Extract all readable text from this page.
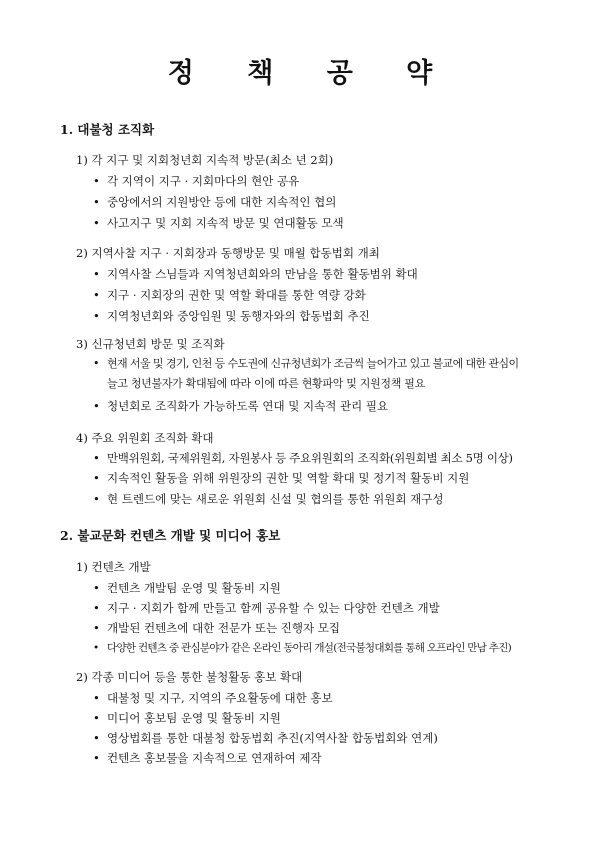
정 책 공 약
1. 대불청 조직화
1) 각 지구 및 지회청년회 지속적 방문(최소 년 2회)
• 각 지역이 지구 · 지회마다의 현안 공유
• 중앙에서의 지원방안 등에 대한 지속적인 협의
• 사고지구 및 지회 지속적 방문 및 연대활동 모색
2) 지역사찰 지구 · 지회장과 동행방문 및 매월 합동법회 개최
• 지역사찰 스님들과 지역청년회와의 만남을 통한 활동범위 확대
• 지구 · 지회장의 권한 및 역할 확대를 통한 역량 강화
• 지역청년회와 중앙임원 및 동행자와의 합동법회 추진
3) 신규청년회 방문 및 조직화
• 현재 서울 및 경기, 인천 등 수도권에 신규청년회가 조금씩 늘어가고 있고 불교에 대한 관심이
늘고 청년불자가 확대됨에 따라 이에 따른 현황파악 및 지원정책 필요
• 청년회로 조직화가 가능하도록 연대 및 지속적 관리 필요
4) 주요 위원회 조직화 확대
• 만백위원회, 국제위원회, 자원봉사 등 주요위원회의 조직화(위원회별 최소 5명 이상)
• 지속적인 활동을 위해 위원장의 권한 및 역할 확대 및 정기적 활동비 지원
• 현 트렌드에 맞는 새로운 위원회 신설 및 협의를 통한 위원회 재구성
2. 불교문화 컨텐츠 개발 및 미디어 홍보
1) 컨텐츠 개발
• 컨텐츠 개발팀 운영 및 활동비 지원
• 지구 · 지회가 함께 만들고 함께 공유할 수 있는 다양한 컨텐츠 개발
• 개발된 컨텐츠에 대한 전문가 또는 진행자 모집
• 다양한 컨텐츠 중 관심분야가 같은 온라인 동아리 개설(전국불청대회를 통해 오프라인 만남 추진)
2) 각종 미디어 등을 통한 불청활동 홍보 확대
• 대불청 및 지구, 지역의 주요활동에 대한 홍보
• 미디어 홍보팀 운영 및 활동비 지원
• 영상법회를 통한 대불청 합동법회 추진(지역사찰 합동법회와 연계)
• 컨텐츠 홍보물을 지속적으로 연재하여 제작
